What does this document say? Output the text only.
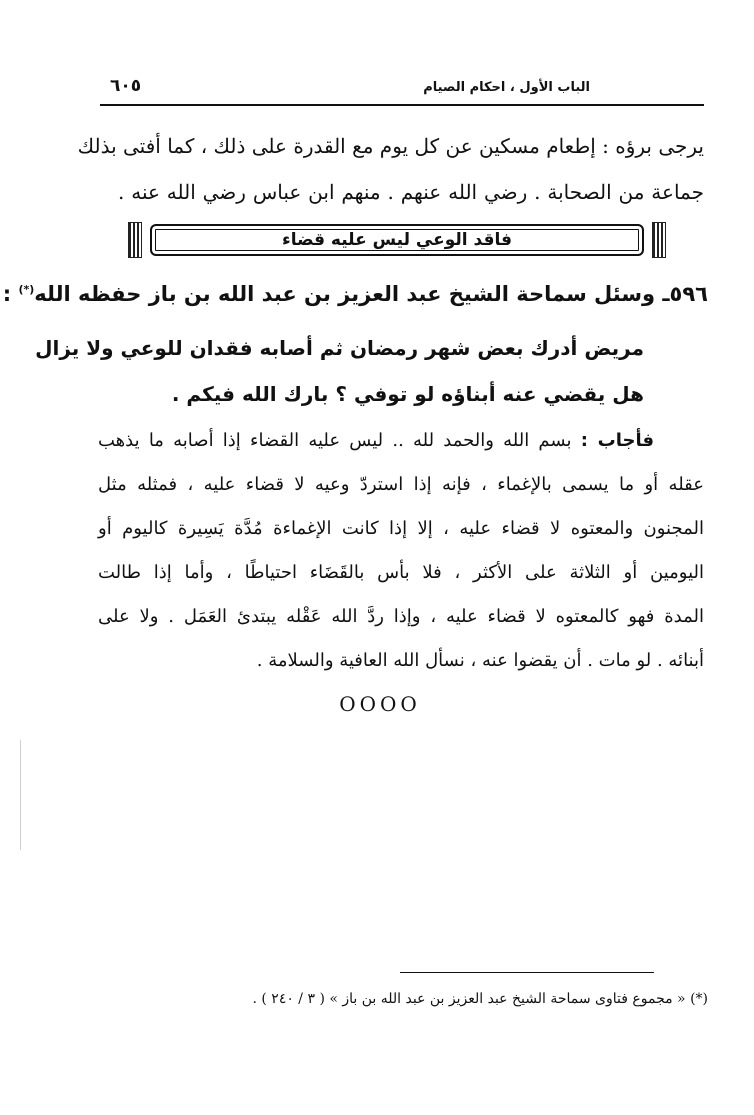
الباب الأول ، احكام الصيام
٦٠٥
يرجى برؤه : إطعام مسكين عن كل يوم مع القدرة على ذلك ، كما أفتى بذلك
جماعة من الصحابة . رضي الله عنهم . منهم ابن عباس رضي الله عنه .
فاقد الوعي ليس عليه قضاء
٥٩٦ـ وسئل سماحة الشيخ عبد العزيز بن عبد الله بن باز حفظه الله(*) :
مريض أدرك بعض شهر رمضان ثم أصابه فقدان للوعي ولا يزال
هل يقضي عنه أبناؤه لو توفي ؟ بارك الله فيكم .
فأجاب : بسم الله والحمد لله .. ليس عليه القضاء إذا أصابه ما يذهب
عقله أو ما يسمى بالإغماء ، فإنه إذا استردّ وعيه لا قضاء عليه ، فمثله مثل
المجنون والمعتوه لا قضاء عليه ، إلا إذا كانت الإغماءة مُدَّة يَسِيرة كاليوم أو
اليومين أو الثلاثة على الأكثر ، فلا بأس بالقَضَاء احتياطًا ، وأما إذا طالت
المدة فهو كالمعتوه لا قضاء عليه ، وإذا ردَّ الله عَقْله يبتدئ العَمَل . ولا على
أبنائه . لو مات . أن يقضوا عنه ، نسأل الله العافية والسلامة .
OOOO
(*) « مجموع فتاوى سماحة الشيخ عبد العزيز بن عبد الله بن باز » ( ٣ / ٢٤٠ ) .
